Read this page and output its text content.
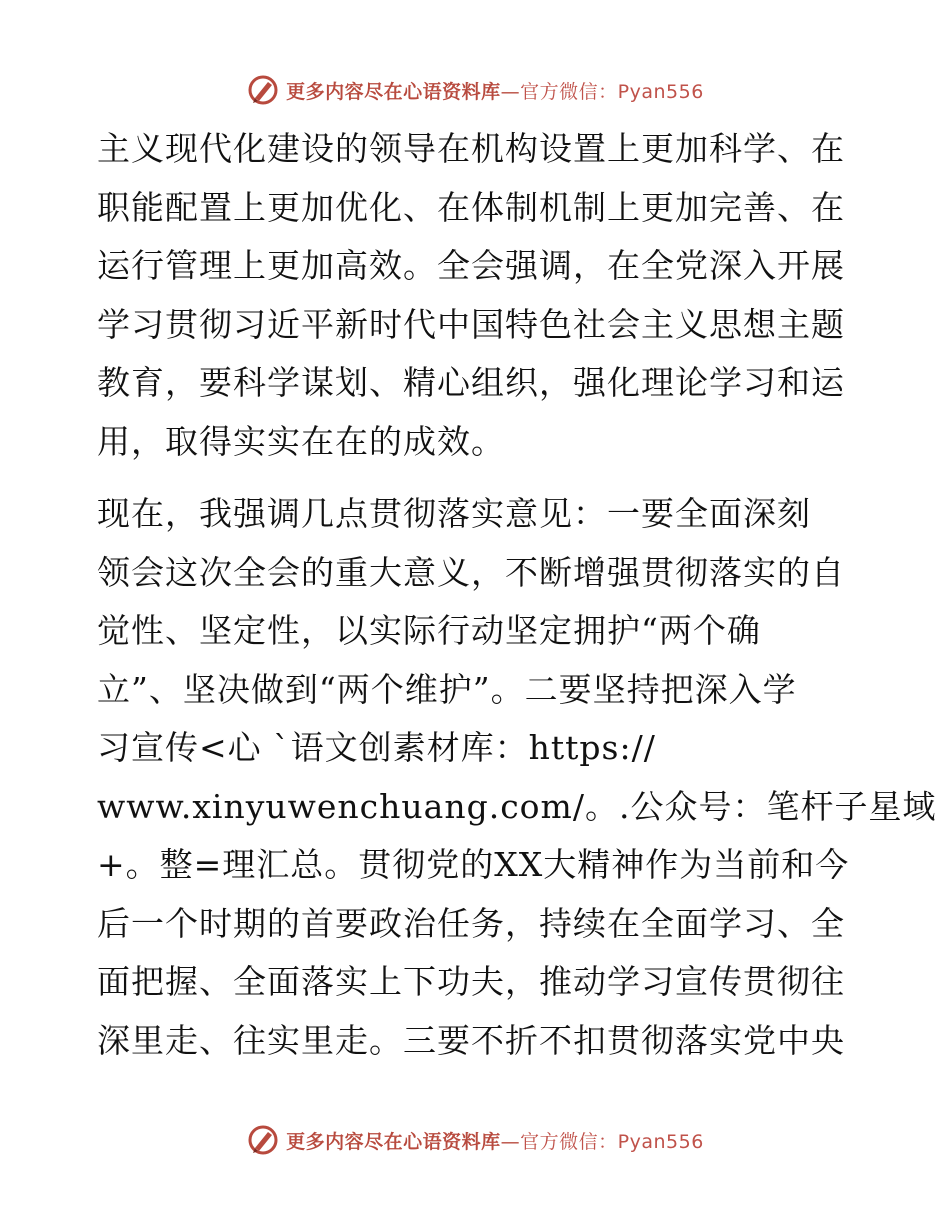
更多内容尽在心语资料库—官方微信：Pyan556

主义现代化建设的领导在机构设置上更加科学、在
职能配置上更加优化、在体制机制上更加完善、在
运行管理上更加高效。全会强调，在全党深入开展
学习贯彻习近平新时代中国特色社会主义思想主题
教育，要科学谋划、精心组织，强化理论学习和运
用，取得实实在在的成效。

现在，我强调几点贯彻落实意见：一要全面深刻
领会这次全会的重大意义，不断增强贯彻落实的自
觉性、坚定性，以实际行动坚定拥护“两个确
立”、坚决做到“两个维护”。二要坚持把深入学
习宣传<心 `语文创素材库：https://
www.xinyuwenchuang.com/。.公众号：笔杆子星域
+。整=理汇总。贯彻党的XX大精神作为当前和今
后一个时期的首要政治任务，持续在全面学习、全
面把握、全面落实上下功夫，推动学习宣传贯彻往
深里走、往实里走。三要不折不扣贯彻落实党中央

更多内容尽在心语资料库—官方微信：Pyan556
